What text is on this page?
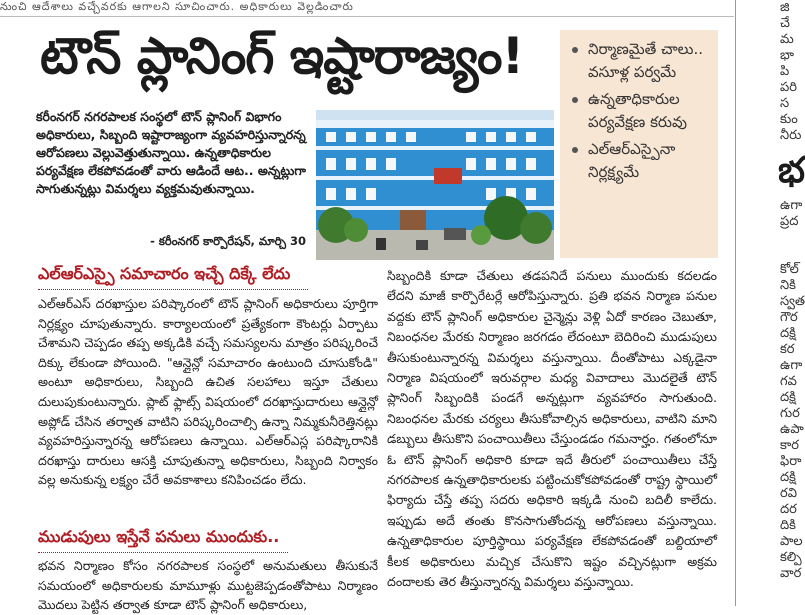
నుంచి ఆదేశాలు వచ్చేవరకు ఆగాలని సూచించారు. అధికారులు వెల్లడించారు
టౌన్ ప్లానింగ్ ఇష్టారాజ్యం!	నిర్మాణమైతే చాలు.. వసూళ్ల పర్వమే
ఉన్నతాధికారుల పర్యవేక్షణ కరువు
ఎల్ఆర్ఎస్పైనా నిర్లక్ష్యమే
కరీంనగర్ నగరపాలక సంస్థలో టౌన్ ప్లానింగ్ విభాగం అధికారులు, సిబ్బంది ఇష్టారాజ్యంగా వ్యవహరిస్తున్నారన్న ఆరోపణలు వెల్లువెత్తుతున్నాయి. ఉన్నతాధికారుల పర్యవేక్షణ లేకపోవడంతో వారు ఆడిందే ఆట.. అన్నట్లుగా సాగుతున్నట్లు విమర్శలు వ్యక్తమవుతున్నాయి.
- కరీంనగర్ కార్పొరేషన్, మార్చి 30
ఎల్ఆర్ఎస్పై సమాచారం ఇచ్చే దిక్కే లేదు
ఎల్ఆర్ఎస్ దరఖాస్తుల పరిష్కారంలో టౌన్ ప్లానింగ్ అధికారులు పూర్తిగా నిర్లక్ష్యం చూపుతున్నారు. కార్యాలయంలో ప్రత్యేకంగా కౌంటర్లు ఏర్పాటు చేశామని చెప్పడం తప్ప అక్కడికి వచ్చే సమస్యలను మాత్రం పరిష్కరించే దిక్కు లేకుండా పోయింది. "ఆన్లైన్లో సమాచారం ఉంటుంది చూసుకోండి" అంటూ అధికారులు, సిబ్బంది ఉచిత సలహాలు ఇస్తూ చేతులు దులుపుకుంటున్నారు. ప్లాట్ ఫ్లాట్స్ విషయంలో దరఖాస్తుదారులు ఆన్లైన్లో అప్లోడ్ చేసిన తర్వాత వాటిని పరిష్కరించాల్సి ఉన్నా నిమ్మకునీరెత్తినట్లు వ్యవహరిస్తున్నారన్న ఆరోపణలు ఉన్నాయి. ఎల్ఆర్ఎస్ల పరిష్కారానికి దరఖాస్తు దారులు ఆసక్తి చూపుతున్నా అధికారులు, సిబ్బంది నిర్వాకం వల్ల అనుకున్న లక్ష్యం చేరే అవకాశాలు కనిపించడం లేదు.
ముడుపులు ఇస్తేనే పనులు ముందుకు..
భవన నిర్మాణం కోసం నగరపాలక సంస్థలో అనుమతులు తీసుకునే సమయంలో అధికారులకు మామూళ్లు ముట్టజెప్పడంతోపాటు నిర్మాణం మొదలు పెట్టిన తర్వాత కూడా టౌన్ ప్లానింగ్ అధికారులు,
సిబ్బందికి కూడా చేతులు తడపనిదే పనులు ముందుకు కదలడం లేదని మాజీ కార్పొరేటర్లే ఆరోపిస్తున్నారు. ప్రతి భవన నిర్మాణ పనుల వద్దకు టౌన్ ప్లానింగ్ అధికారుల చైన్మెన్లు వెళ్లి ఏదో కారణం చెబుతూ, నిబంధనల మేరకు నిర్మాణం జరగడం లేదంటూ బెదిరించి ముడుపులు తీసుకుంటున్నారన్న విమర్శలు వస్తున్నాయి. దీంతోపాటు ఎక్కడైనా నిర్మాణ విషయంలో ఇరువర్గాల మధ్య వివాదాలు మొదలైతే టౌన్ ప్లానింగ్ సిబ్బందికి పండగే అన్నట్లుగా వ్యవహారం సాగుతుంది. నిబంధనల మేరకు చర్యలు తీసుకోవాల్సిన అధికారులు, వాటిని మాని డబ్బులు తీసుకొని పంచాయితీలు చేస్తుండడం గమనార్హం. గతంలోనూ ఓ టౌన్ ప్లానింగ్ అధికారి కూడా ఇదే తీరులో పంచాయితీలు చేస్తే నగరపాలక ఉన్నతాధికారులకు పట్టించుకోకపోవడంతో రాష్ట్ర స్థాయిలో ఫిర్యాదు చేస్తే తప్ప సదరు అధికారి ఇక్కడి నుంచి బదిలీ కాలేదు. ఇప్పుడు అదే తంతు కొనసాగుతోందన్న ఆరోపణలు వస్తున్నాయి. ఉన్నతాధికారుల పూర్తిస్థాయి పర్యవేక్షణ లేకపోవడంతో బల్దియాలో కీలక అధికారులు మచ్చిక చేసుకొని ఇష్టం వచ్చినట్లుగా అక్రమ దందాలకు తెర తీస్తున్నారన్న విమర్శలు వస్తున్నాయి.
జి
చే
మ
భా
పి
పరి
స
కుం
నీరు
భ
ఉగా
ప్రద
కోల్
నికి
స్వత
గౌర
దక్షి
కర
ఉగా
గవ
దక్షి
గుర
ఉపా
కార
ఫిరా
దక్షి
రవి
దర
దికి
పాల
కల్పి
వార
